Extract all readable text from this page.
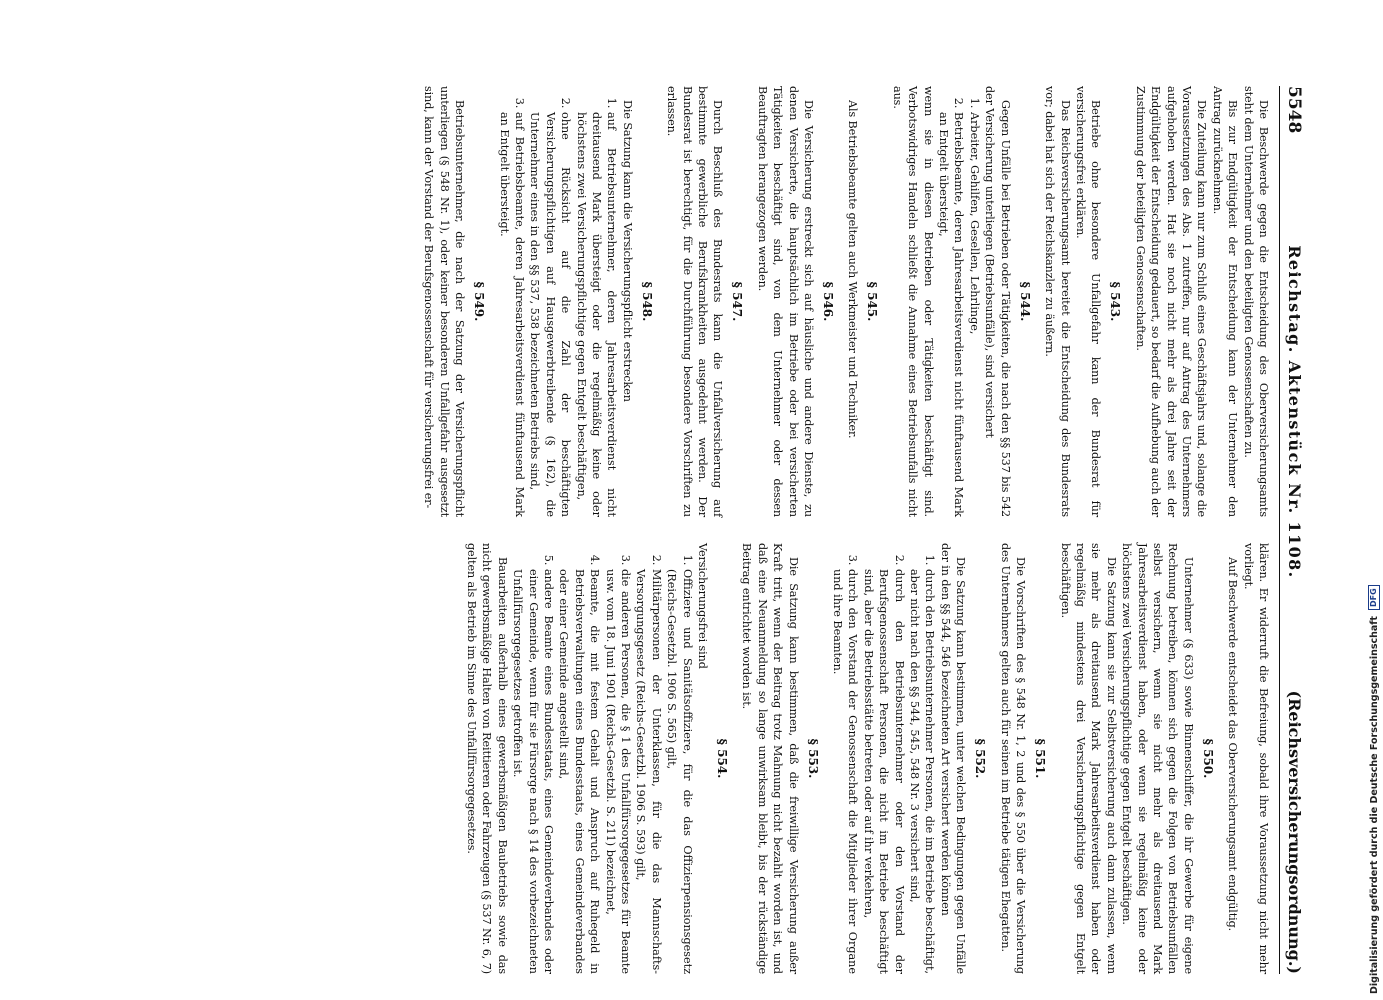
5548
Reichstag. Aktenstück Nr. 1108.
(Reichsversicherungsordnung.)

Die Beschwerde gegen die Entscheidung des Oberversicherungsamts steht dem Unternehmer und den beteiligten Genossenschaften zu.

Bis zur Endgültigkeit der Entscheidung kann der Unternehmer den Antrag zurücknehmen.

Die Zuteilung kann nur zum Schluß eines Geschäftsjahrs und, solange die Voraussetzungen des Abs. 1 zutreffen, nur auf Antrag des Unternehmers aufgehoben werden. Hat sie noch nicht mehr als drei Jahre seit der Endgültigkeit der Entscheidung gedauert, so bedarf die Aufhebung auch der Zustimmung der beteiligten Genossenschaften.

§ 543.

Betriebe ohne besondere Unfallgefahr kann der Bundesrat für versicherungsfrei erklären.

Das Reichsversicherungsamt bereitet die Entscheidung des Bundesrats vor; dabei hat sich der Reichskanzler zu äußern.

§ 544.

Gegen Unfälle bei Betrieben oder Tätigkeiten, die nach den §§ 537 bis 542 der Versicherung unterliegen (Betriebsunfälle), sind versichert

1. Arbeiter, Gehilfen, Gesellen, Lehrlinge,
2. Betriebsbeamte, deren Jahresarbeitsverdienst nicht fünftausend Mark an Entgelt übersteigt,

wenn sie in diesen Betrieben oder Tätigkeiten beschäftigt sind. Verbotswidriges Handeln schließt die Annahme eines Betriebsunfalls nicht aus.

§ 545.

Als Betriebsbeamte gelten auch Werkmeister und Techniker.

§ 546.

Die Versicherung erstreckt sich auf häusliche und andere Dienste, zu denen Versicherte, die hauptsächlich im Betriebe oder bei versicherten Tätigkeiten beschäftigt sind, von dem Unternehmer oder dessen Beauftragten herangezogen werden.

§ 547.

Durch Beschluß des Bundesrats kann die Unfallversicherung auf bestimmte gewerbliche Berufskrankheiten ausgedehnt werden. Der Bundesrat ist berechtigt, für die Durchführung besondere Vorschriften zu erlassen.

§ 548.

Die Satzung kann die Versicherungspflicht erstrecken

1. auf Betriebsunternehmer, deren Jahresarbeitsverdienst nicht dreitausend Mark übersteigt oder die regelmäßig keine oder höchstens zwei Versicherungspflichtige gegen Entgelt beschäftigen,
2. ohne Rücksicht auf die Zahl der beschäftigten Versicherungspflichtigen auf Hausgewerbtreibende (§ 162), die Unternehmer eines in den §§ 537, 538 bezeichneten Betriebs sind,
3. auf Betriebsbeamte, deren Jahresarbeitsverdienst fünftausend Mark an Entgelt übersteigt.
§ 549.

Betriebsunternehmer, die nach der Satzung der Versicherungspflicht unterliegen (§ 548 Nr. 1), oder keiner besonderen Unfallgefahr ausgesetzt sind, kann der Vorstand der Berufsgenossenschaft für versicherungsfrei er-

klären. Er widerruft die Befreiung, sobald ihre Voraussetzung nicht mehr vorliegt.

Auf Beschwerde entscheidet das Oberversicherungsamt endgültig.

§ 550.

Unternehmer (§ 633) sowie Binnenschiffer, die ihr Gewerbe für eigene Rechnung betreiben, können sich gegen die Folgen von Betriebsunfällen selbst versichern, wenn sie nicht mehr als dreitausend Mark Jahresarbeitsverdienst haben, oder wenn sie regelmäßig keine oder höchstens zwei Versicherungspflichtige gegen Entgelt beschäftigen.

Die Satzung kann sie zur Selbstversicherung auch dann zulassen, wenn sie mehr als dreitausend Mark Jahresarbeitsverdienst haben oder regelmäßig mindestens drei Versicherungspflichtige gegen Entgelt beschäftigen.

§ 551.

Die Vorschriften des § 548 Nr. 1, 2 und des § 550 über die Versicherung des Unternehmers gelten auch für seinen im Betriebe tätigen Ehegatten.

§ 552.

Die Satzung kann bestimmen, unter welchen Bedingungen gegen Unfälle der in den §§ 544, 546 bezeichneten Art versichert werden können

1. durch den Betriebsunternehmer Personen, die im Betriebe beschäftigt, aber nicht nach den §§ 544, 545, 548 Nr. 3 versichert sind,
2. durch den Betriebsunternehmer oder den Vorstand der Berufsgenossenschaft Personen, die nicht im Betriebe beschäftigt sind, aber die Betriebsstätte betreten oder auf ihr verkehren,
3. durch den Vorstand der Genossenschaft die Mitglieder ihrer Organe und ihre Beamten.
§ 553.

Die Satzung kann bestimmen, daß die freiwillige Versicherung außer Kraft tritt, wenn der Beitrag trotz Mahnung nicht bezahlt worden ist, und daß eine Neuanmeldung so lange unwirksam bleibt, bis der rückständige Beitrag entrichtet worden ist.

§ 554.

Versicherungsfrei sind

1. Offiziere und Sanitätsoffiziere, für die das Offizierpensionsgesetz (Reichs-Gesetzbl. 1906 S. 565) gilt,
2. Militärpersonen der Unterklassen, für die das Mannschafts-Versorgungsgesetz (Reichs-Gesetzbl. 1906 S. 593) gilt,
3. die anderen Personen, die § 1 des Unfallfürsorgegesetzes für Beamte usw. vom 18. Juni 1901 (Reichs-Gesetzbl. S. 211) bezeichnet,
4. Beamte, die mit festem Gehalt und Anspruch auf Ruhegeld in Betriebsverwaltungen eines Bundesstaats, eines Gemeindeverbandes oder einer Gemeinde angestellt sind,
5. andere Beamte eines Bundesstaats, eines Gemeindeverbandes oder einer Gemeinde, wenn für sie Fürsorge nach § 14 des vorbezeichneten Unfallfürsorgegesetzes getroffen ist.

Bauarbeiten außerhalb eines gewerbsmäßigen Baubetriebs sowie das nicht gewerbsmäßige Halten von Reittieren oder Fahrzeugen (§ 537 Nr. 6, 7) gelten als Betrieb im Sinne des Unfallfürsorgegesetzes.	Digitalisierung gefördert durch die Deutsche Forschungsgemeinschaft
DFG
